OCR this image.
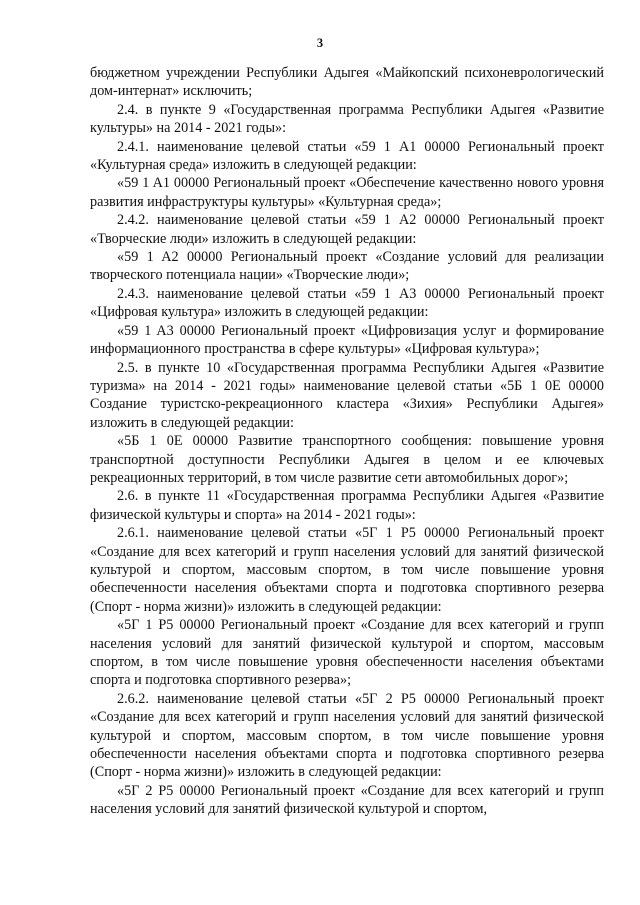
3

бюджетном учреждении Республики Адыгея «Майкопский психоневрологический дом-интернат» исключить;

2.4. в пункте 9 «Государственная программа Республики Адыгея «Развитие культуры» на 2014 - 2021 годы»:

2.4.1. наименование целевой статьи «59 1 A1 00000 Региональный проект «Культурная среда» изложить в следующей редакции:

«59 1 A1 00000 Региональный проект «Обеспечение качественно нового уровня развития инфраструктуры культуры» «Культурная среда»;

2.4.2. наименование целевой статьи «59 1 A2 00000 Региональный проект «Творческие люди» изложить в следующей редакции:

«59 1 A2 00000 Региональный проект «Создание условий для реализации творческого потенциала нации» «Творческие люди»;

2.4.3. наименование целевой статьи «59 1 A3 00000 Региональный проект «Цифровая культура» изложить в следующей редакции:

«59 1 A3 00000 Региональный проект «Цифровизация услуг и формирование информационного пространства в сфере культуры» «Цифровая культура»;

2.5. в пункте 10 «Государственная программа Республики Адыгея «Развитие туризма» на 2014 - 2021 годы» наименование целевой статьи «5Б 1 0E 00000 Создание туристско-рекреационного кластера «Зихия» Республики Адыгея» изложить в следующей редакции:

«5Б 1 0E 00000 Развитие транспортного сообщения: повышение уровня транспортной доступности Республики Адыгея в целом и ее ключевых рекреационных территорий, в том числе развитие сети автомобильных дорог»;

2.6. в пункте 11 «Государственная программа Республики Адыгея «Развитие физической культуры и спорта» на 2014 - 2021 годы»:

2.6.1. наименование целевой статьи «5Г 1 P5 00000 Региональный проект «Создание для всех категорий и групп населения условий для занятий физической культурой и спортом, массовым спортом, в том числе повышение уровня обеспеченности населения объектами спорта и подготовка спортивного резерва (Спорт - норма жизни)» изложить в следующей редакции:

«5Г 1 P5 00000 Региональный проект «Создание для всех категорий и групп населения условий для занятий физической культурой и спортом, массовым спортом, в том числе повышение уровня обеспеченности населения объектами спорта и подготовка спортивного резерва»;

2.6.2. наименование целевой статьи «5Г 2 P5 00000 Региональный проект «Создание для всех категорий и групп населения условий для занятий физической культурой и спортом, массовым спортом, в том числе повышение уровня обеспеченности населения объектами спорта и подготовка спортивного резерва (Спорт - норма жизни)» изложить в следующей редакции:

«5Г 2 P5 00000 Региональный проект «Создание для всех категорий и групп населения условий для занятий физической культурой и спортом,
